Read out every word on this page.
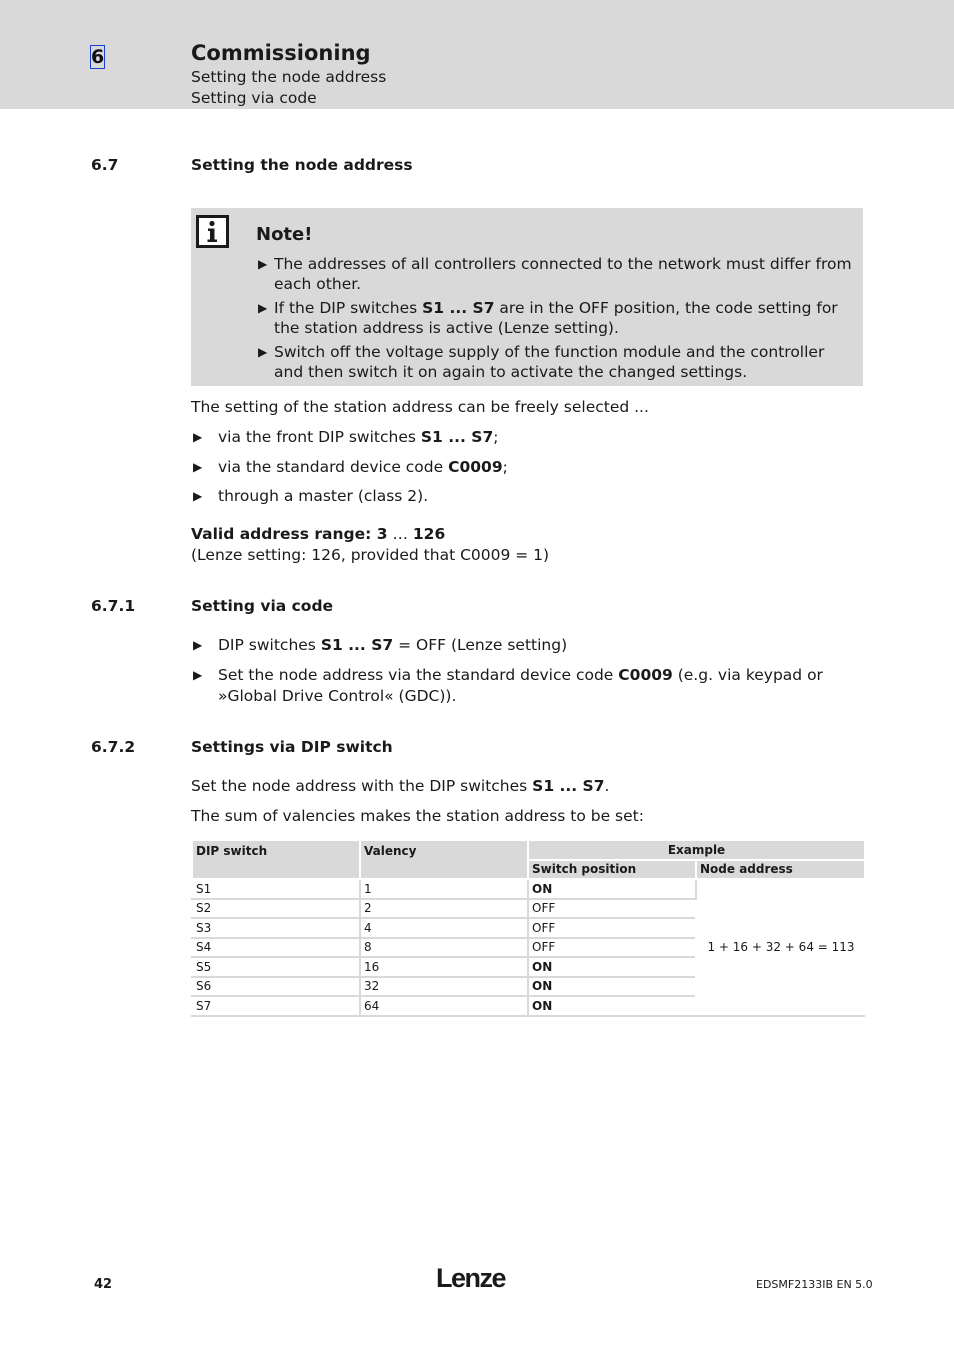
6	Commissioning
Setting the node address
Setting via code
6.7	Setting the node address
Note!
▶ The addresses of all controllers connected to the network must differ from each other.
▶ If the DIP switches S1 ... S7 are in the OFF position, the code setting for the station address is active (Lenze setting).
▶ Switch off the voltage supply of the function module and the controller and then switch it on again to activate the changed settings.
The setting of the station address can be freely selected ...
▶ via the front DIP switches S1 ... S7;
▶ via the standard device code C0009;
▶ through a master (class 2).
Valid address range: 3 … 126
(Lenze setting: 126, provided that C0009 = 1)
6.7.1	Setting via code
▶ DIP switches S1 ... S7 = OFF (Lenze setting)
▶ Set the node address via the standard device code C0009 (e.g. via keypad or »Global Drive Control« (GDC)).
6.7.2	Settings via DIP switch
Set the node address with the DIP switches S1 ... S7.
The sum of valencies makes the station address to be set:
DIP switch	Valency	Example	
		Switch position	Node address
S1	1	ON	1 + 16 + 32 + 64 = 113
S2	2	OFF	
S3	4	OFF	
S4	8	OFF	
S5	16	ON	
S6	32	ON	
S7	64	ON	
42	Lenze	EDSMF2133IB EN 5.0
